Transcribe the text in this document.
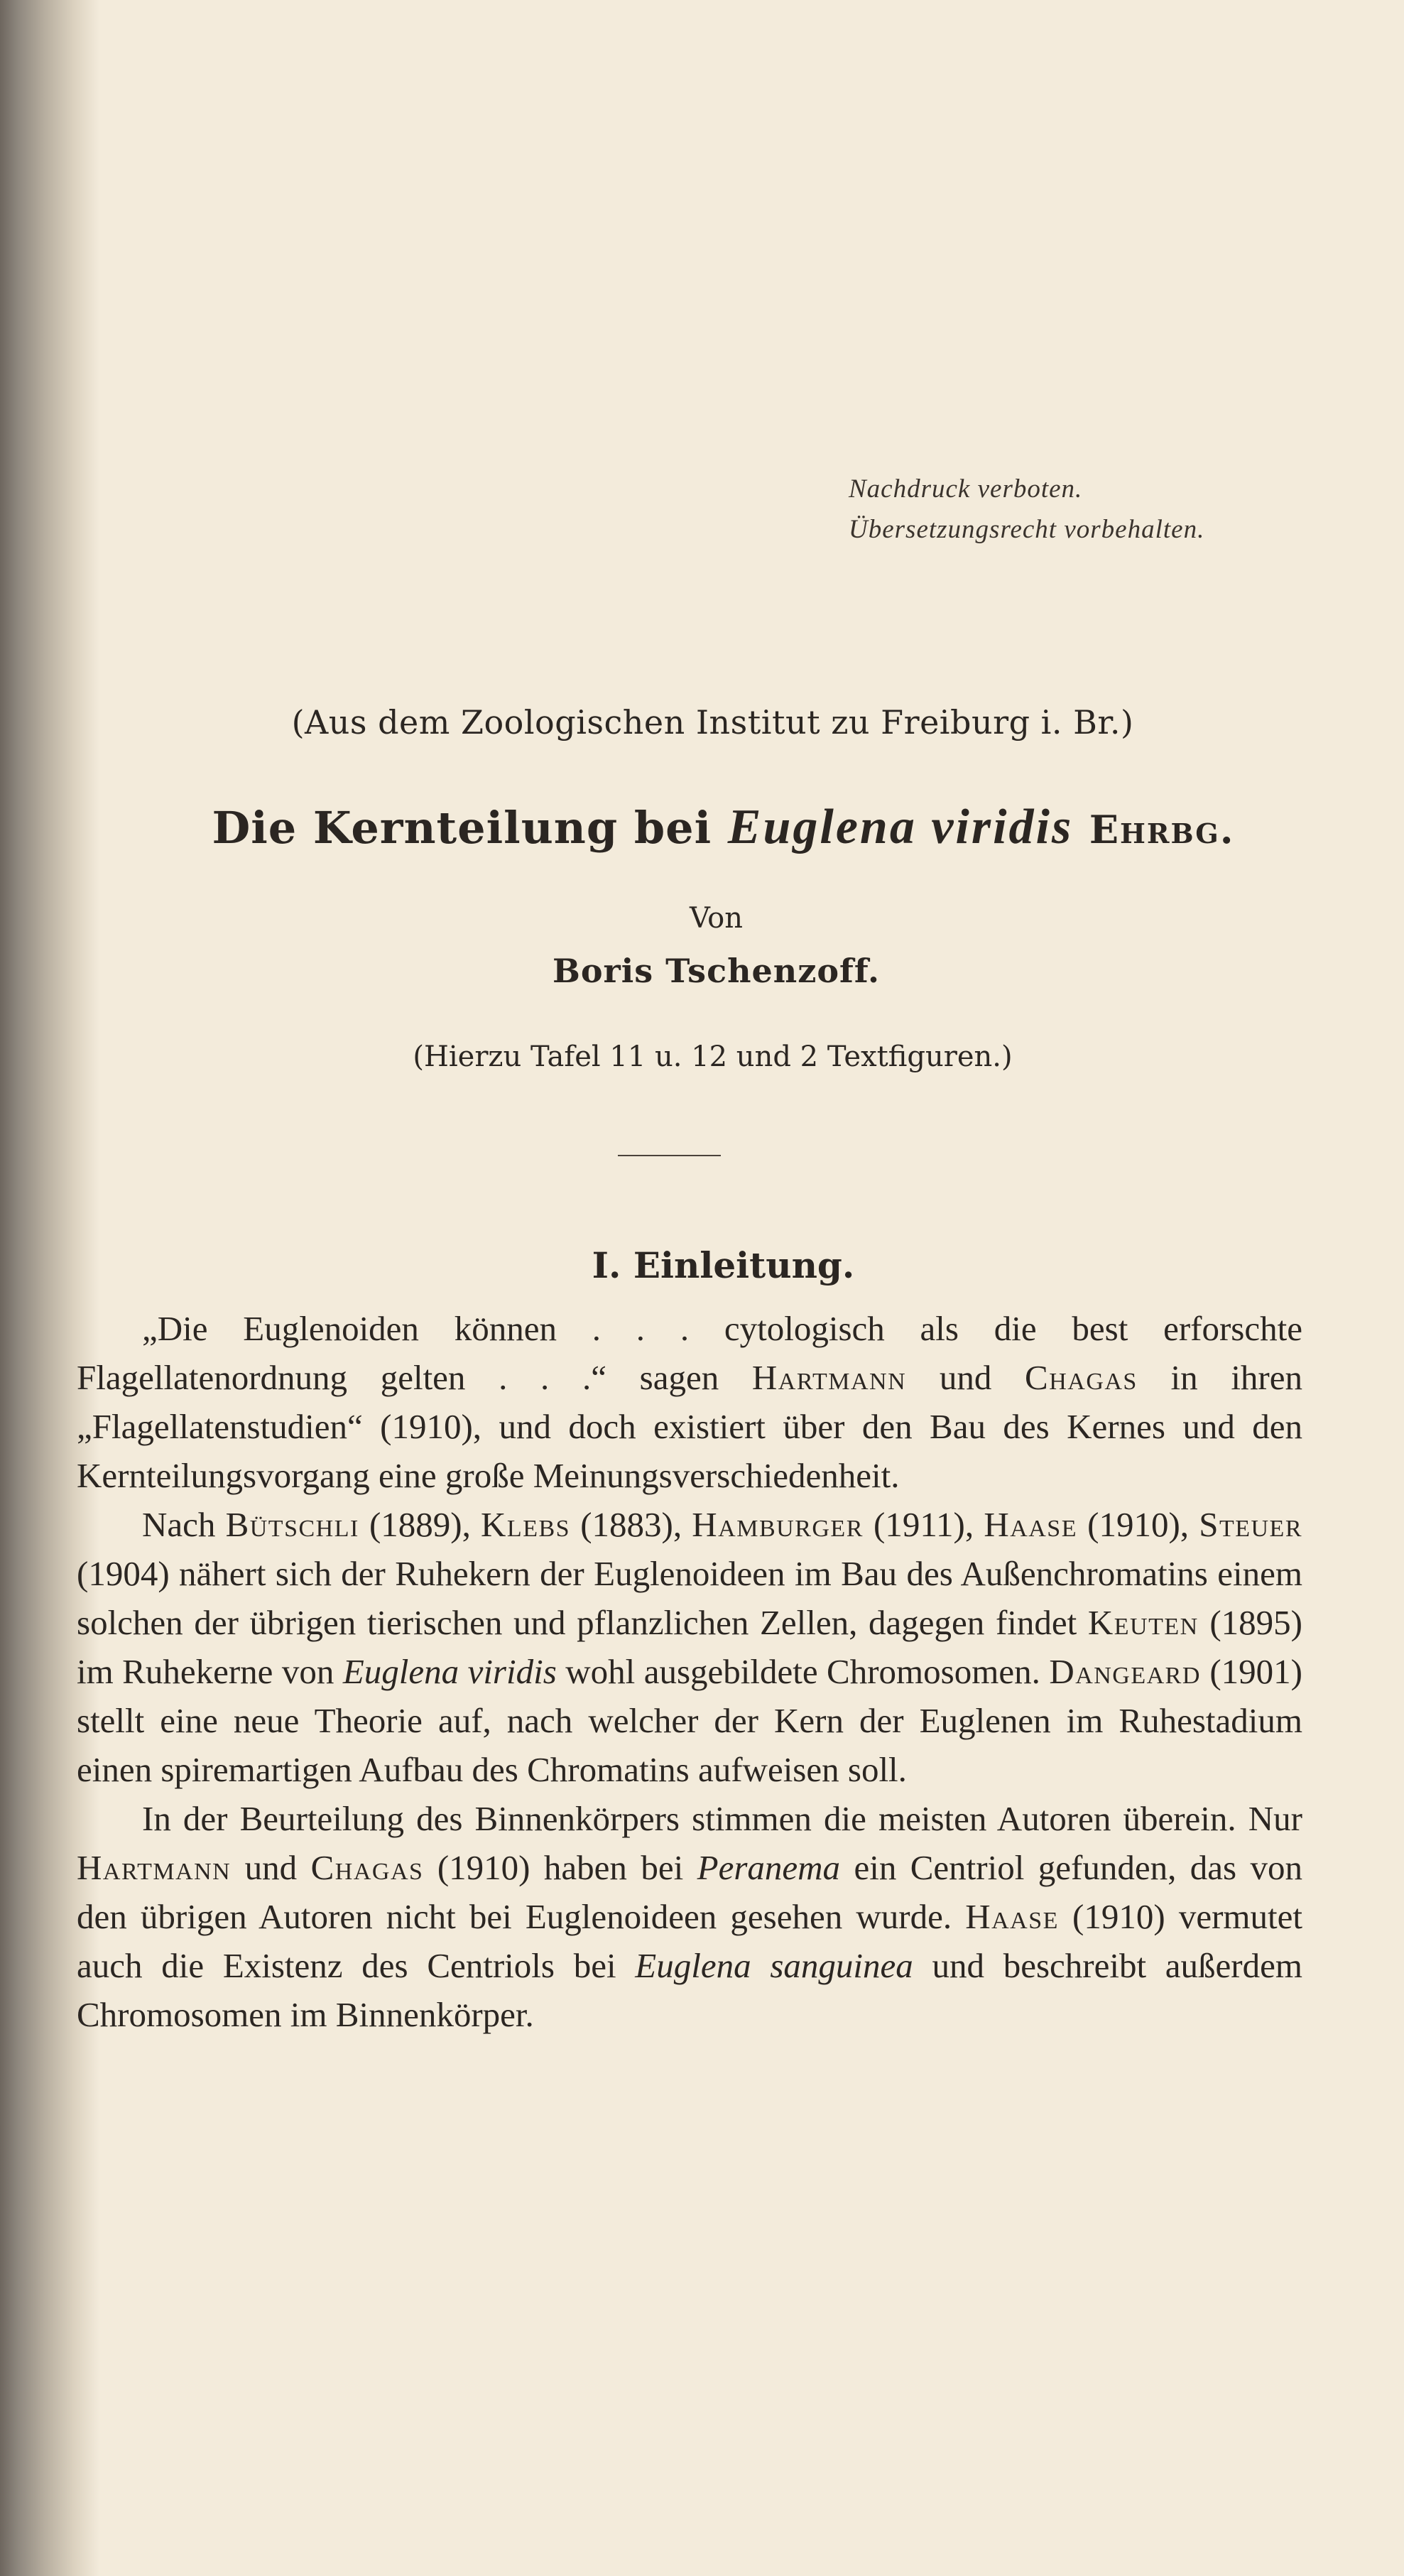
Nachdruck verboten.
Übersetzungsrecht vorbehalten.
(Aus dem Zoologischen Institut zu Freiburg i. Br.)
Die Kernteilung bei Euglena viridis Ehrbg.
Von
Boris Tschenzoff.
(Hierzu Tafel 11 u. 12 und 2 Textfiguren.)
I. Einleitung.

„Die Euglenoiden können . . . cytologisch als die best erforschte Flagellatenordnung gelten . . .“ sagen Hartmann und Chagas in ihren „Flagellatenstudien“ (1910), und doch existiert über den Bau des Kernes und den Kernteilungsvorgang eine große Meinungsverschiedenheit.

Nach Bütschli (1889), Klebs (1883), Hamburger (1911), Haase (1910), Steuer (1904) nähert sich der Ruhekern der Euglenoideen im Bau des Außenchromatins einem solchen der übrigen tierischen und pflanzlichen Zellen, dagegen findet Keuten (1895) im Ruhekerne von Euglena viridis wohl ausgebildete Chromosomen. Dangeard (1901) stellt eine neue Theorie auf, nach welcher der Kern der Euglenen im Ruhestadium einen spiremartigen Aufbau des Chromatins aufweisen soll.

In der Beurteilung des Binnenkörpers stimmen die meisten Autoren überein. Nur Hartmann und Chagas (1910) haben bei Peranema ein Centriol gefunden, das von den übrigen Autoren nicht bei Euglenoideen gesehen wurde. Haase (1910) vermutet auch die Existenz des Centriols bei Euglena sanguinea und beschreibt außerdem Chromosomen im Binnenkörper.
